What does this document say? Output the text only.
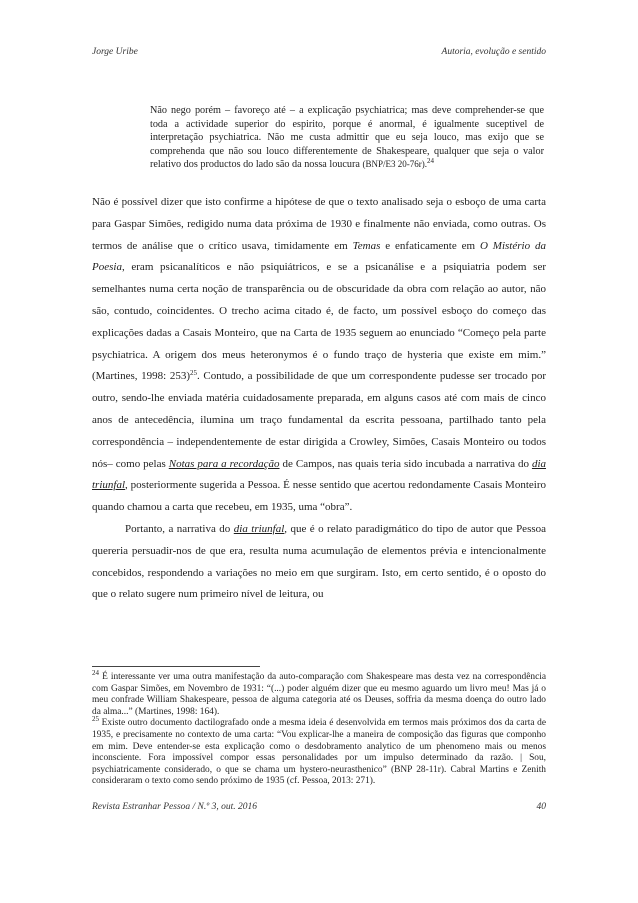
Jorge Uribe	Autoria, evolução e sentido
Não nego porém – favoreço até – a explicação psychiatrica; mas deve comprehender-se que toda a actividade superior do espirito, porque é anormal, é igualmente suceptivel de interpretação psychiatrica. Não me custa admittir que eu seja louco, mas exijo que se comprehenda que não sou louco differentemente de Shakespeare, qualquer que seja o valor relativo dos productos do lado são da nossa loucura (BNP/E3 20-76r).$^{24}$

Não é possível dizer que isto confirme a hipótese de que o texto analisado seja o esboço de uma carta para Gaspar Simões, redigido numa data próxima de 1930 e finalmente não enviada, como outras. Os termos de análise que o crítico usava, timidamente em Temas e enfaticamente em O Mistério da Poesia, eram psicanalíticos e não psiquiátricos, e se a psicanálise e a psiquiatria podem ser semelhantes numa certa noção de transparência ou de obscuridade da obra com relação ao autor, não são, contudo, coincidentes. O trecho acima citado é, de facto, um possível esboço do começo das explicações dadas a Casais Monteiro, que na Carta de 1935 seguem ao enunciado “Começo pela parte psychiatrica. A origem dos meus heteronymos é o fundo traço de hysteria que existe em mim.” (Martines, 1998: 253)$^{25}$. Contudo, a possibilidade de que um correspondente pudesse ser trocado por outro, sendo-lhe enviada matéria cuidadosamente preparada, em alguns casos até com mais de cinco anos de antecedência, ilumina um traço fundamental da escrita pessoana, partilhado tanto pela correspondência – independentemente de estar dirigida a Crowley, Simões, Casais Monteiro ou todos nós– como pelas Notas para a recordação de Campos, nas quais teria sido incubada a narrativa do dia triunfal, posteriormente sugerida a Pessoa. É nesse sentido que acertou redondamente Casais Monteiro quando chamou a carta que recebeu, em 1935, uma “obra”.

Portanto, a narrativa do dia triunfal, que é o relato paradigmático do tipo de autor que Pessoa quereria persuadir-nos de que era, resulta numa acumulação de elementos prévia e intencionalmente concebidos, respondendo a variações no meio em que surgiram. Isto, em certo sentido, é o oposto do que o relato sugere num primeiro nível de leitura, ou

$^{24}$ É interessante ver uma outra manifestação da auto-comparação com Shakespeare mas desta vez na correspondência com Gaspar Simões, em Novembro de 1931: “(...) poder alguém dizer que eu mesmo aguardo um livro meu! Mas já o meu confrade William Shakespeare, pessoa de alguma categoria até os Deuses, soffria da mesma doença do outro lado da alma...” (Martines, 1998: 164).

$^{25}$ Existe outro documento dactilografado onde a mesma ideia é desenvolvida em termos mais próximos dos da carta de 1935, e precisamente no contexto de uma carta: “Vou explicar-lhe a maneira de composição das figuras que componho em mim. Deve entender-se esta explicação como o desdobramento analytico de um phenomeno mais ou menos inconsciente. Fora impossível compor essas personalidades por um impulso determinado da razão. | Sou, psychiatricamente considerado, o que se chama um hystero-neurasthenico” (BNP 28-11r). Cabral Martins e Zenith consideraram o texto como sendo próximo de 1935 (cf. Pessoa, 2013: 271).

Revista Estranhar Pessoa / N.º 3, out. 2016	40
